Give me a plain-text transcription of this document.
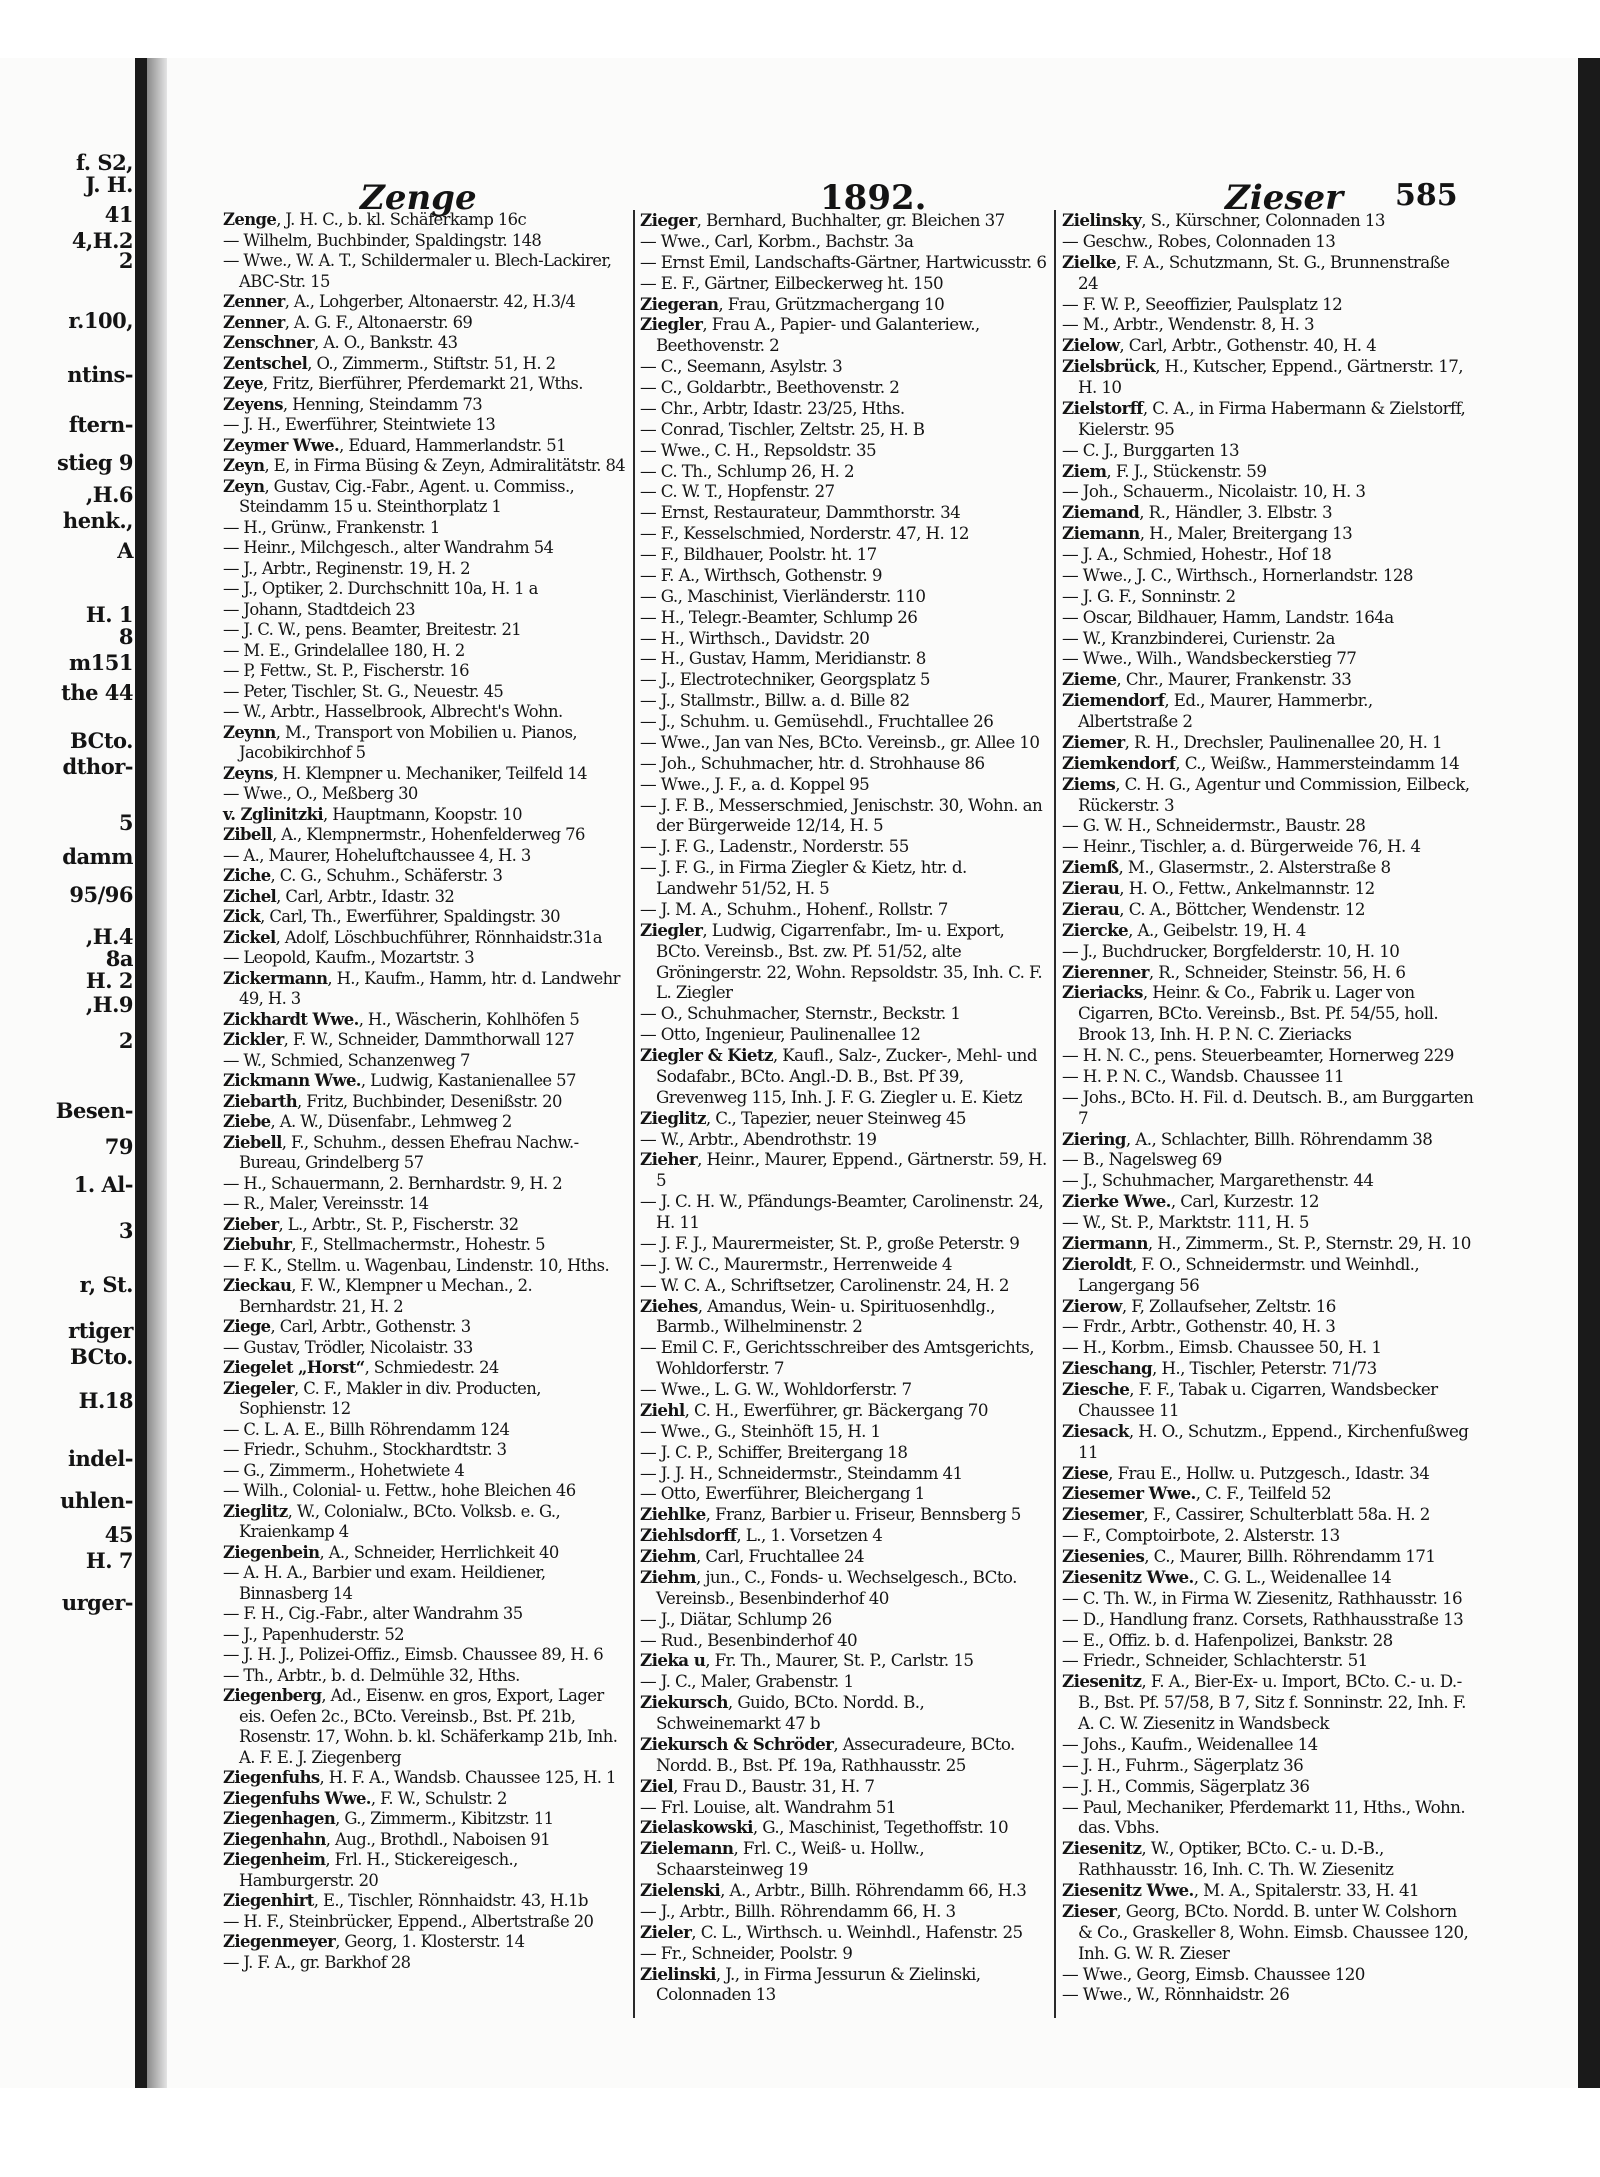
f. S2,
J. H.
41
4,H.2
2
r.100,
ntins-
ftern-
stieg 9
,H.6
henk.,
A
H. 1
8
m151
the 44
BCto.
dthor-
5
damm
95/96
,H.4
8a
H. 2
,H.9
2
Besen-
79
1. Al-
3
r, St.
rtiger
BCto.
H.18
indel-
uhlen-
45
H. 7
urger-
Zenge	1892.	Zieser 585
Zenge, J. H. C., b. kl. Schäferkamp 16c
— Wilhelm, Buchbinder, Spaldingstr. 148
— Wwe., W. A. T., Schildermaler u. Blech-Lackirer, ABC-Str. 15
Zenner, A., Lohgerber, Altonaerstr. 42, H.3/4
Zenner, A. G. F., Altonaerstr. 69
Zenschner, A. O., Bankstr. 43
Zentschel, O., Zimmerm., Stiftstr. 51, H. 2
Zeye, Fritz, Bierführer, Pferdemarkt 21, Wths.
Zeyens, Henning, Steindamm 73
— J. H., Ewerführer, Steintwiete 13
Zeymer Wwe., Eduard, Hammerlandstr. 51
Zeyn, E, in Firma Büsing & Zeyn, Admiralitätstr. 84
Zeyn, Gustav, Cig.-Fabr., Agent. u. Commiss., Steindamm 15 u. Steinthorplatz 1
— H., Grünw., Frankenstr. 1
— Heinr., Milchgesch., alter Wandrahm 54
— J., Arbtr., Reginenstr. 19, H. 2
— J., Optiker, 2. Durchschnitt 10a, H. 1 a
— Johann, Stadtdeich 23
— J. C. W., pens. Beamter, Breitestr. 21
— M. E., Grindelallee 180, H. 2
— P, Fettw., St. P., Fischerstr. 16
— Peter, Tischler, St. G., Neuestr. 45
— W., Arbtr., Hasselbrook, Albrecht's Wohn.
Zeynn, M., Transport von Mobilien u. Pianos, Jacobikirchhof 5
Zeyns, H. Klempner u. Mechaniker, Teilfeld 14
— Wwe., O., Meßberg 30
v. Zglinitzki, Hauptmann, Koopstr. 10
Zibell, A., Klempnermstr., Hohenfelderweg 76
— A., Maurer, Hoheluftchaussee 4, H. 3
Ziche, C. G., Schuhm., Schäferstr. 3
Zichel, Carl, Arbtr., Idastr. 32
Zick, Carl, Th., Ewerführer, Spaldingstr. 30
Zickel, Adolf, Löschbuchführer, Rönnhaidstr.31a
— Leopold, Kaufm., Mozartstr. 3
Zickermann, H., Kaufm., Hamm, htr. d. Landwehr 49, H. 3
Zickhardt Wwe., H., Wäscherin, Kohlhöfen 5
Zickler, F. W., Schneider, Dammthorwall 127
— W., Schmied, Schanzenweg 7
Zickmann Wwe., Ludwig, Kastanienallee 57
Ziebarth, Fritz, Buchbinder, Desenißstr. 20
Ziebe, A. W., Düsenfabr., Lehmweg 2
Ziebell, F., Schuhm., dessen Ehefrau Nachw.-Bureau, Grindelberg 57
— H., Schauermann, 2. Bernhardstr. 9, H. 2
— R., Maler, Vereinsstr. 14
Zieber, L., Arbtr., St. P., Fischerstr. 32
Ziebuhr, F., Stellmachermstr., Hohestr. 5
— F. K., Stellm. u. Wagenbau, Lindenstr. 10, Hths.
Zieckau, F. W., Klempner u Mechan., 2. Bernhardstr. 21, H. 2
Ziege, Carl, Arbtr., Gothenstr. 3
— Gustav, Trödler, Nicolaistr. 33
Ziegelet „Horst“, Schmiedestr. 24
Ziegeler, C. F., Makler in div. Producten, Sophienstr. 12
— C. L. A. E., Billh Röhrendamm 124
— Friedr., Schuhm., Stockhardtstr. 3
— G., Zimmerm., Hohetwiete 4
— Wilh., Colonial- u. Fettw., hohe Bleichen 46
Zieglitz, W., Colonialw., BCto. Volksb. e. G., Kraienkamp 4
Ziegenbein, A., Schneider, Herrlichkeit 40
— A. H. A., Barbier und exam. Heildiener, Binnasberg 14
— F. H., Cig.-Fabr., alter Wandrahm 35
— J., Papenhuderstr. 52
— J. H. J., Polizei-Offiz., Eimsb. Chaussee 89, H. 6
— Th., Arbtr., b. d. Delmühle 32, Hths.
Ziegenberg, Ad., Eisenw. en gros, Export, Lager eis. Oefen 2c., BCto. Vereinsb., Bst. Pf. 21b, Rosenstr. 17, Wohn. b. kl. Schäferkamp 21b, Inh. A. F. E. J. Ziegenberg
Ziegenfuhs, H. F. A., Wandsb. Chaussee 125, H. 1
Ziegenfuhs Wwe., F. W., Schulstr. 2
Ziegenhagen, G., Zimmerm., Kibitzstr. 11
Ziegenhahn, Aug., Brothdl., Naboisen 91
Ziegenheim, Frl. H., Stickereigesch., Hamburgerstr. 20
Ziegenhirt, E., Tischler, Rönnhaidstr. 43, H.1b
— H. F., Steinbrücker, Eppend., Albertstraße 20
Ziegenmeyer, Georg, 1. Klosterstr. 14
— J. F. A., gr. Barkhof 28
Zieger, Bernhard, Buchhalter, gr. Bleichen 37
— Wwe., Carl, Korbm., Bachstr. 3a
— Ernst Emil, Landschafts-Gärtner, Hartwicusstr. 6
— E. F., Gärtner, Eilbeckerweg ht. 150
Ziegeran, Frau, Grützmachergang 10
Ziegler, Frau A., Papier- und Galanteriew., Beethovenstr. 2
— C., Seemann, Asylstr. 3
— C., Goldarbtr., Beethovenstr. 2
— Chr., Arbtr, Idastr. 23/25, Hths.
— Conrad, Tischler, Zeltstr. 25, H. B
— Wwe., C. H., Repsoldstr. 35
— C. Th., Schlump 26, H. 2
— C. W. T., Hopfenstr. 27
— Ernst, Restaurateur, Dammthorstr. 34
— F., Kesselschmied, Norderstr. 47, H. 12
— F., Bildhauer, Poolstr. ht. 17
— F. A., Wirthsch, Gothenstr. 9
— G., Maschinist, Vierländerstr. 110
— H., Telegr.-Beamter, Schlump 26
— H., Wirthsch., Davidstr. 20
— H., Gustav, Hamm, Meridianstr. 8
— J., Electrotechniker, Georgsplatz 5
— J., Stallmstr., Billw. a. d. Bille 82
— J., Schuhm. u. Gemüsehdl., Fruchtallee 26
— Wwe., Jan van Nes, BCto. Vereinsb., gr. Allee 10
— Joh., Schuhmacher, htr. d. Strohhause 86
— Wwe., J. F., a. d. Koppel 95
— J. F. B., Messerschmied, Jenischstr. 30, Wohn. an der Bürgerweide 12/14, H. 5
— J. F. G., Ladenstr., Norderstr. 55
— J. F. G., in Firma Ziegler & Kietz, htr. d. Landwehr 51/52, H. 5
— J. M. A., Schuhm., Hohenf., Rollstr. 7
Ziegler, Ludwig, Cigarrenfabr., Im- u. Export, BCto. Vereinsb., Bst. zw. Pf. 51/52, alte Gröningerstr. 22, Wohn. Repsoldstr. 35, Inh. C. F. L. Ziegler
— O., Schuhmacher, Sternstr., Beckstr. 1
— Otto, Ingenieur, Paulinenallee 12
Ziegler & Kietz, Kaufl., Salz-, Zucker-, Mehl- und Sodafabr., BCto. Angl.-D. B., Bst. Pf 39, Grevenweg 115, Inh. J. F. G. Ziegler u. E. Kietz
Zieglitz, C., Tapezier, neuer Steinweg 45
— W., Arbtr., Abendrothstr. 19
Zieher, Heinr., Maurer, Eppend., Gärtnerstr. 59, H. 5
— J. C. H. W., Pfändungs-Beamter, Carolinenstr. 24, H. 11
— J. F. J., Maurermeister, St. P., große Peterstr. 9
— J. W. C., Maurermstr., Herrenweide 4
— W. C. A., Schriftsetzer, Carolinenstr. 24, H. 2
Ziehes, Amandus, Wein- u. Spirituosenhdlg., Barmb., Wilhelminenstr. 2
— Emil C. F., Gerichtsschreiber des Amtsgerichts, Wohldorferstr. 7
— Wwe., L. G. W., Wohldorferstr. 7
Ziehl, C. H., Ewerführer, gr. Bäckergang 70
— Wwe., G., Steinhöft 15, H. 1
— J. C. P., Schiffer, Breitergang 18
— J. J. H., Schneidermstr., Steindamm 41
— Otto, Ewerführer, Bleichergang 1
Ziehlke, Franz, Barbier u. Friseur, Bennsberg 5
Ziehlsdorff, L., 1. Vorsetzen 4
Ziehm, Carl, Fruchtallee 24
Ziehm, jun., C., Fonds- u. Wechselgesch., BCto. Vereinsb., Besenbinderhof 40
— J., Diätar, Schlump 26
— Rud., Besenbinderhof 40
Zieka u, Fr. Th., Maurer, St. P., Carlstr. 15
— J. C., Maler, Grabenstr. 1
Ziekursch, Guido, BCto. Nordd. B., Schweinemarkt 47 b
Ziekursch & Schröder, Assecuradeure, BCto. Nordd. B., Bst. Pf. 19a, Rathhausstr. 25
Ziel, Frau D., Baustr. 31, H. 7
— Frl. Louise, alt. Wandrahm 51
Zielaskowski, G., Maschinist, Tegethoffstr. 10
Zielemann, Frl. C., Weiß- u. Hollw., Schaarsteinweg 19
Zielenski, A., Arbtr., Billh. Röhrendamm 66, H.3
— J., Arbtr., Billh. Röhrendamm 66, H. 3
Zieler, C. L., Wirthsch. u. Weinhdl., Hafenstr. 25
— Fr., Schneider, Poolstr. 9
Zielinski, J., in Firma Jessurun & Zielinski, Colonnaden 13
Zielinsky, S., Kürschner, Colonnaden 13
— Geschw., Robes, Colonnaden 13
Zielke, F. A., Schutzmann, St. G., Brunnenstraße 24
— F. W. P., Seeoffizier, Paulsplatz 12
— M., Arbtr., Wendenstr. 8, H. 3
Zielow, Carl, Arbtr., Gothenstr. 40, H. 4
Zielsbrück, H., Kutscher, Eppend., Gärtnerstr. 17, H. 10
Zielstorff, C. A., in Firma Habermann & Zielstorff, Kielerstr. 95
— C. J., Burggarten 13
Ziem, F. J., Stückenstr. 59
— Joh., Schauerm., Nicolaistr. 10, H. 3
Ziemand, R., Händler, 3. Elbstr. 3
Ziemann, H., Maler, Breitergang 13
— J. A., Schmied, Hohestr., Hof 18
— Wwe., J. C., Wirthsch., Hornerlandstr. 128
— J. G. F., Sonninstr. 2
— Oscar, Bildhauer, Hamm, Landstr. 164a
— W., Kranzbinderei, Curienstr. 2a
— Wwe., Wilh., Wandsbeckerstieg 77
Zieme, Chr., Maurer, Frankenstr. 33
Ziemendorf, Ed., Maurer, Hammerbr., Albertstraße 2
Ziemer, R. H., Drechsler, Paulinenallee 20, H. 1
Ziemkendorf, C., Weißw., Hammersteindamm 14
Ziems, C. H. G., Agentur und Commission, Eilbeck, Rückerstr. 3
— G. W. H., Schneidermstr., Baustr. 28
— Heinr., Tischler, a. d. Bürgerweide 76, H. 4
Ziemß, M., Glasermstr., 2. Alsterstraße 8
Zierau, H. O., Fettw., Ankelmannstr. 12
Zierau, C. A., Böttcher, Wendenstr. 12
Ziercke, A., Geibelstr. 19, H. 4
— J., Buchdrucker, Borgfelderstr. 10, H. 10
Zierenner, R., Schneider, Steinstr. 56, H. 6
Zieriacks, Heinr. & Co., Fabrik u. Lager von Cigarren, BCto. Vereinsb., Bst. Pf. 54/55, holl. Brook 13, Inh. H. P. N. C. Zieriacks
— H. N. C., pens. Steuerbeamter, Hornerweg 229
— H. P. N. C., Wandsb. Chaussee 11
— Johs., BCto. H. Fil. d. Deutsch. B., am Burggarten 7
Ziering, A., Schlachter, Billh. Röhrendamm 38
— B., Nagelsweg 69
— J., Schuhmacher, Margarethenstr. 44
Zierke Wwe., Carl, Kurzestr. 12
— W., St. P., Marktstr. 111, H. 5
Ziermann, H., Zimmerm., St. P., Sternstr. 29, H. 10
Zieroldt, F. O., Schneidermstr. und Weinhdl., Langergang 56
Zierow, F, Zollaufseher, Zeltstr. 16
— Frdr., Arbtr., Gothenstr. 40, H. 3
— H., Korbm., Eimsb. Chaussee 50, H. 1
Zieschang, H., Tischler, Peterstr. 71/73
Ziesche, F. F., Tabak u. Cigarren, Wandsbecker Chaussee 11
Ziesack, H. O., Schutzm., Eppend., Kirchenfußweg 11
Ziese, Frau E., Hollw. u. Putzgesch., Idastr. 34
Ziesemer Wwe., C. F., Teilfeld 52
Ziesemer, F., Cassirer, Schulterblatt 58a. H. 2
— F., Comptoirbote, 2. Alsterstr. 13
Ziesenies, C., Maurer, Billh. Röhrendamm 171
Ziesenitz Wwe., C. G. L., Weidenallee 14
— C. Th. W., in Firma W. Ziesenitz, Rathhausstr. 16
— D., Handlung franz. Corsets, Rathhausstraße 13
— E., Offiz. b. d. Hafenpolizei, Bankstr. 28
— Friedr., Schneider, Schlachterstr. 51
Ziesenitz, F. A., Bier-Ex- u. Import, BCto. C.- u. D.-B., Bst. Pf. 57/58, B 7, Sitz f. Sonninstr. 22, Inh. F. A. C. W. Ziesenitz in Wandsbeck
— Johs., Kaufm., Weidenallee 14
— J. H., Fuhrm., Sägerplatz 36
— J. H., Commis, Sägerplatz 36
— Paul, Mechaniker, Pferdemarkt 11, Hths., Wohn. das. Vbhs.
Ziesenitz, W., Optiker, BCto. C.- u. D.-B., Rathhausstr. 16, Inh. C. Th. W. Ziesenitz
Ziesenitz Wwe., M. A., Spitalerstr. 33, H. 41
Zieser, Georg, BCto. Nordd. B. unter W. Colshorn & Co., Graskeller 8, Wohn. Eimsb. Chaussee 120, Inh. G. W. R. Zieser
— Wwe., Georg, Eimsb. Chaussee 120
— Wwe., W., Rönnhaidstr. 26
